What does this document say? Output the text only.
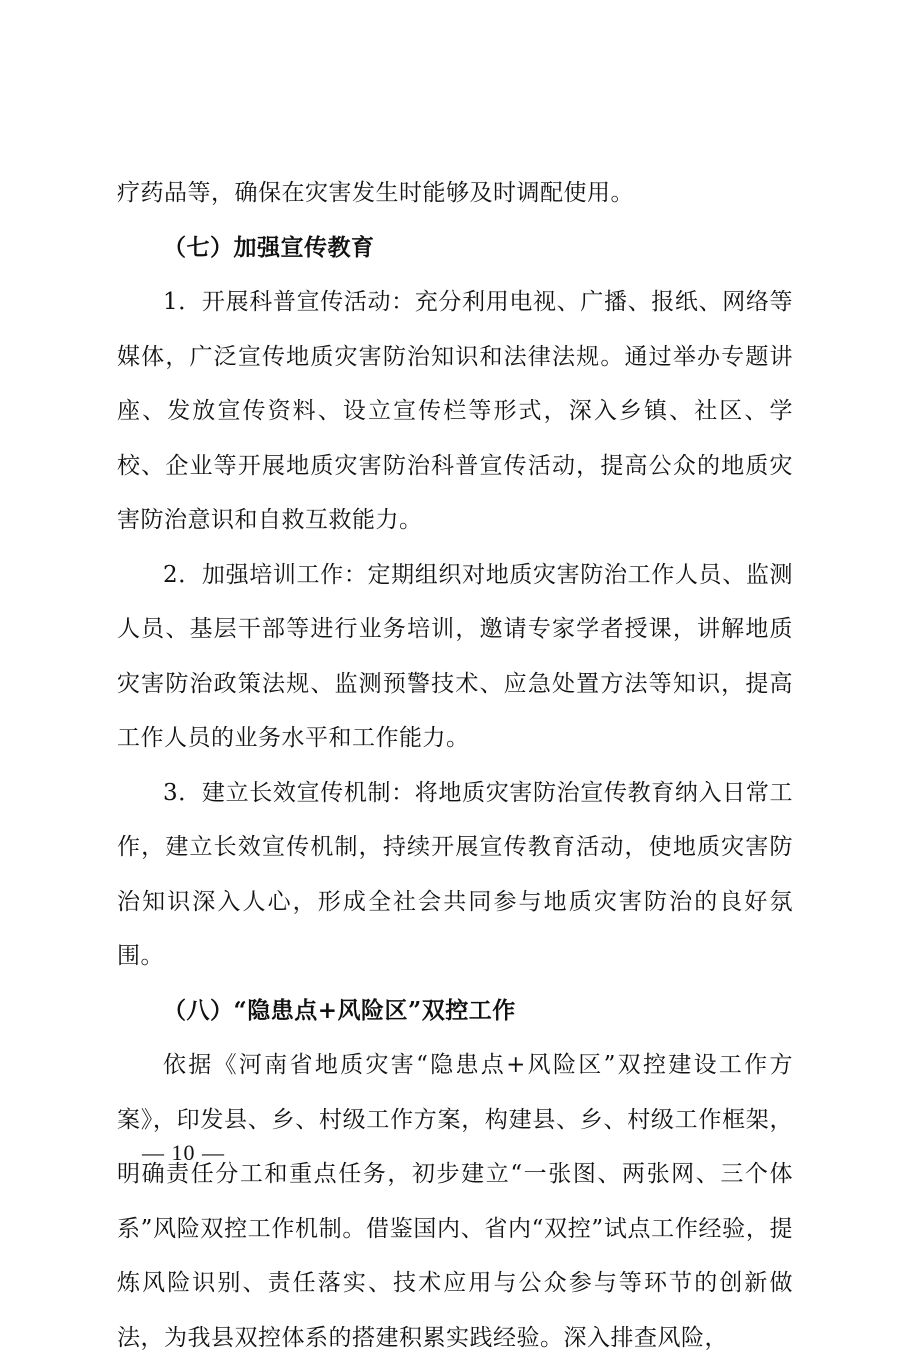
疗药品等，确保在灾害发生时能够及时调配使用。

（七）加强宣传教育

1．开展科普宣传活动：充分利用电视、广播、报纸、网络等媒体，广泛宣传地质灾害防治知识和法律法规。通过举办专题讲座、发放宣传资料、设立宣传栏等形式，深入乡镇、社区、学校、企业等开展地质灾害防治科普宣传活动，提高公众的地质灾害防治意识和自救互救能力。

2．加强培训工作：定期组织对地质灾害防治工作人员、监测人员、基层干部等进行业务培训，邀请专家学者授课，讲解地质灾害防治政策法规、监测预警技术、应急处置方法等知识，提高工作人员的业务水平和工作能力。

3．建立长效宣传机制：将地质灾害防治宣传教育纳入日常工作，建立长效宣传机制，持续开展宣传教育活动，使地质灾害防治知识深入人心，形成全社会共同参与地质灾害防治的良好氛围。

（八）“隐患点+风险区”双控工作

依据《河南省地质灾害“隐患点+风险区”双控建设工作方案》，印发县、乡、村级工作方案，构建县、乡、村级工作框架，明确责任分工和重点任务，初步建立“一张图、两张网、三个体系”风险双控工作机制。借鉴国内、省内“双控”试点工作经验，提炼风险识别、责任落实、技术应用与公众参与等环节的创新做法，为我县双控体系的搭建积累实践经验。深入排查风险，

— 10 —
